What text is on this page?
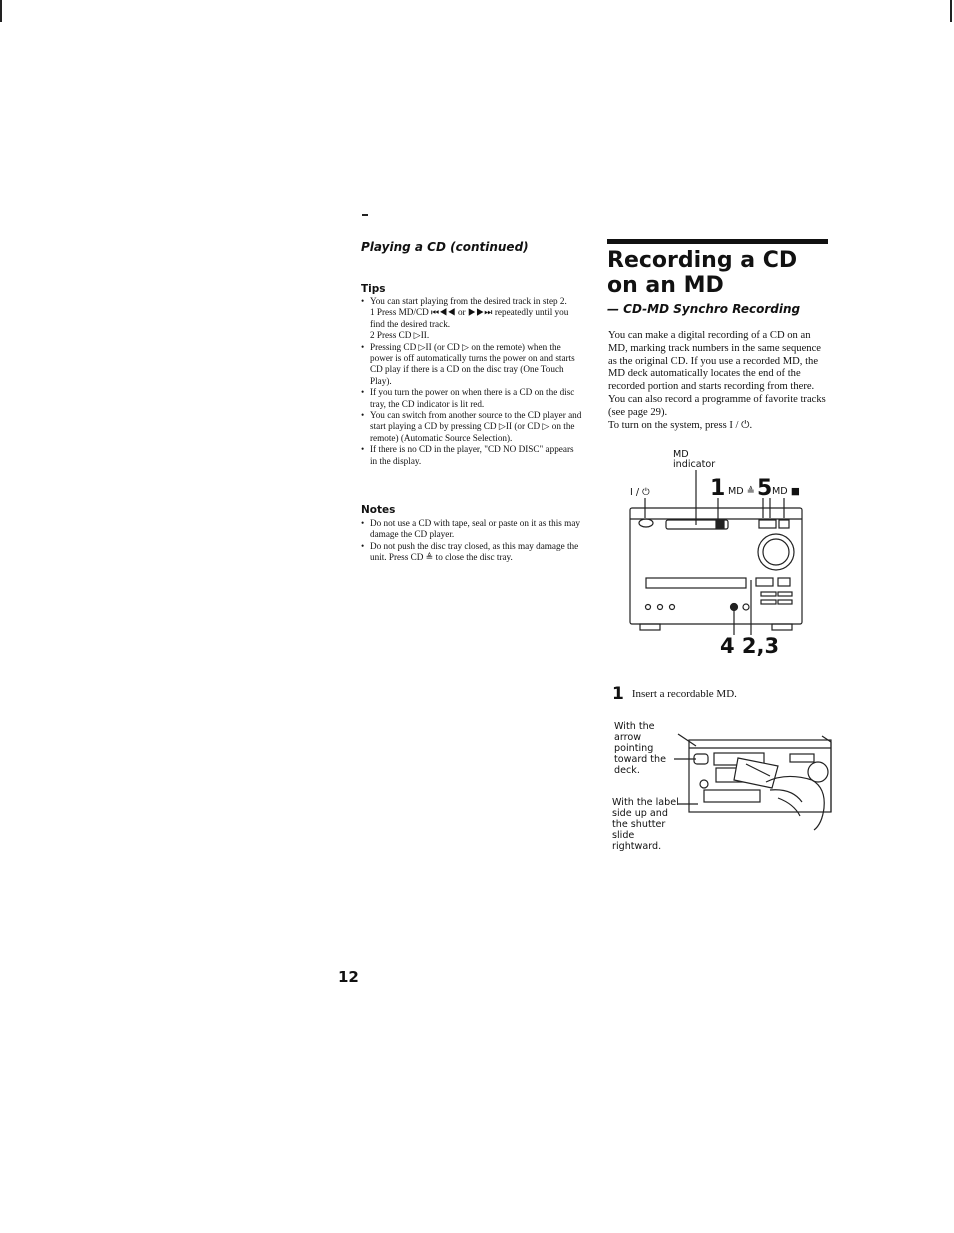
Playing a CD (continued)
Tips
• You can start playing from the desired track in step 2.
1 Press MD/CD ⏮◀◀ or ▶▶⏭ repeatedly until you find the desired track.
2 Press CD ▷II.
• Pressing CD ▷II (or CD ▷ on the remote) when the power is off automatically turns the power on and starts CD play if there is a CD on the disc tray (One Touch Play).
• If you turn the power on when there is a CD on the disc tray, the CD indicator is lit red.
• You can switch from another source to the CD player and start playing a CD by pressing CD ▷II (or CD ▷ on the remote) (Automatic Source Selection).
• If there is no CD in the player, "CD NO DISC" appears in the display.
Notes
• Do not use a CD with tape, seal or paste on it as this may damage the CD player.
• Do not push the disc tray closed, as this may damage the unit. Press CD ≜ to close the disc tray.
Recording a CD on an MD
— CD-MD Synchro Recording
You can make a digital recording of a CD on an MD, marking track numbers in the same sequence as the original CD. If you use a recorded MD, the MD deck automatically locates the end of the recorded portion and starts recording from there. You can also record a programme of favorite tracks (see page 29).
To turn on the system, press I / ⏻.
MD indicator
I / ⏻	1 MD ≜ 5 MD ■
4 2,3
1 Insert a recordable MD.
With the arrow pointing toward the deck.
With the label side up and the shutter slide rightward.
12
